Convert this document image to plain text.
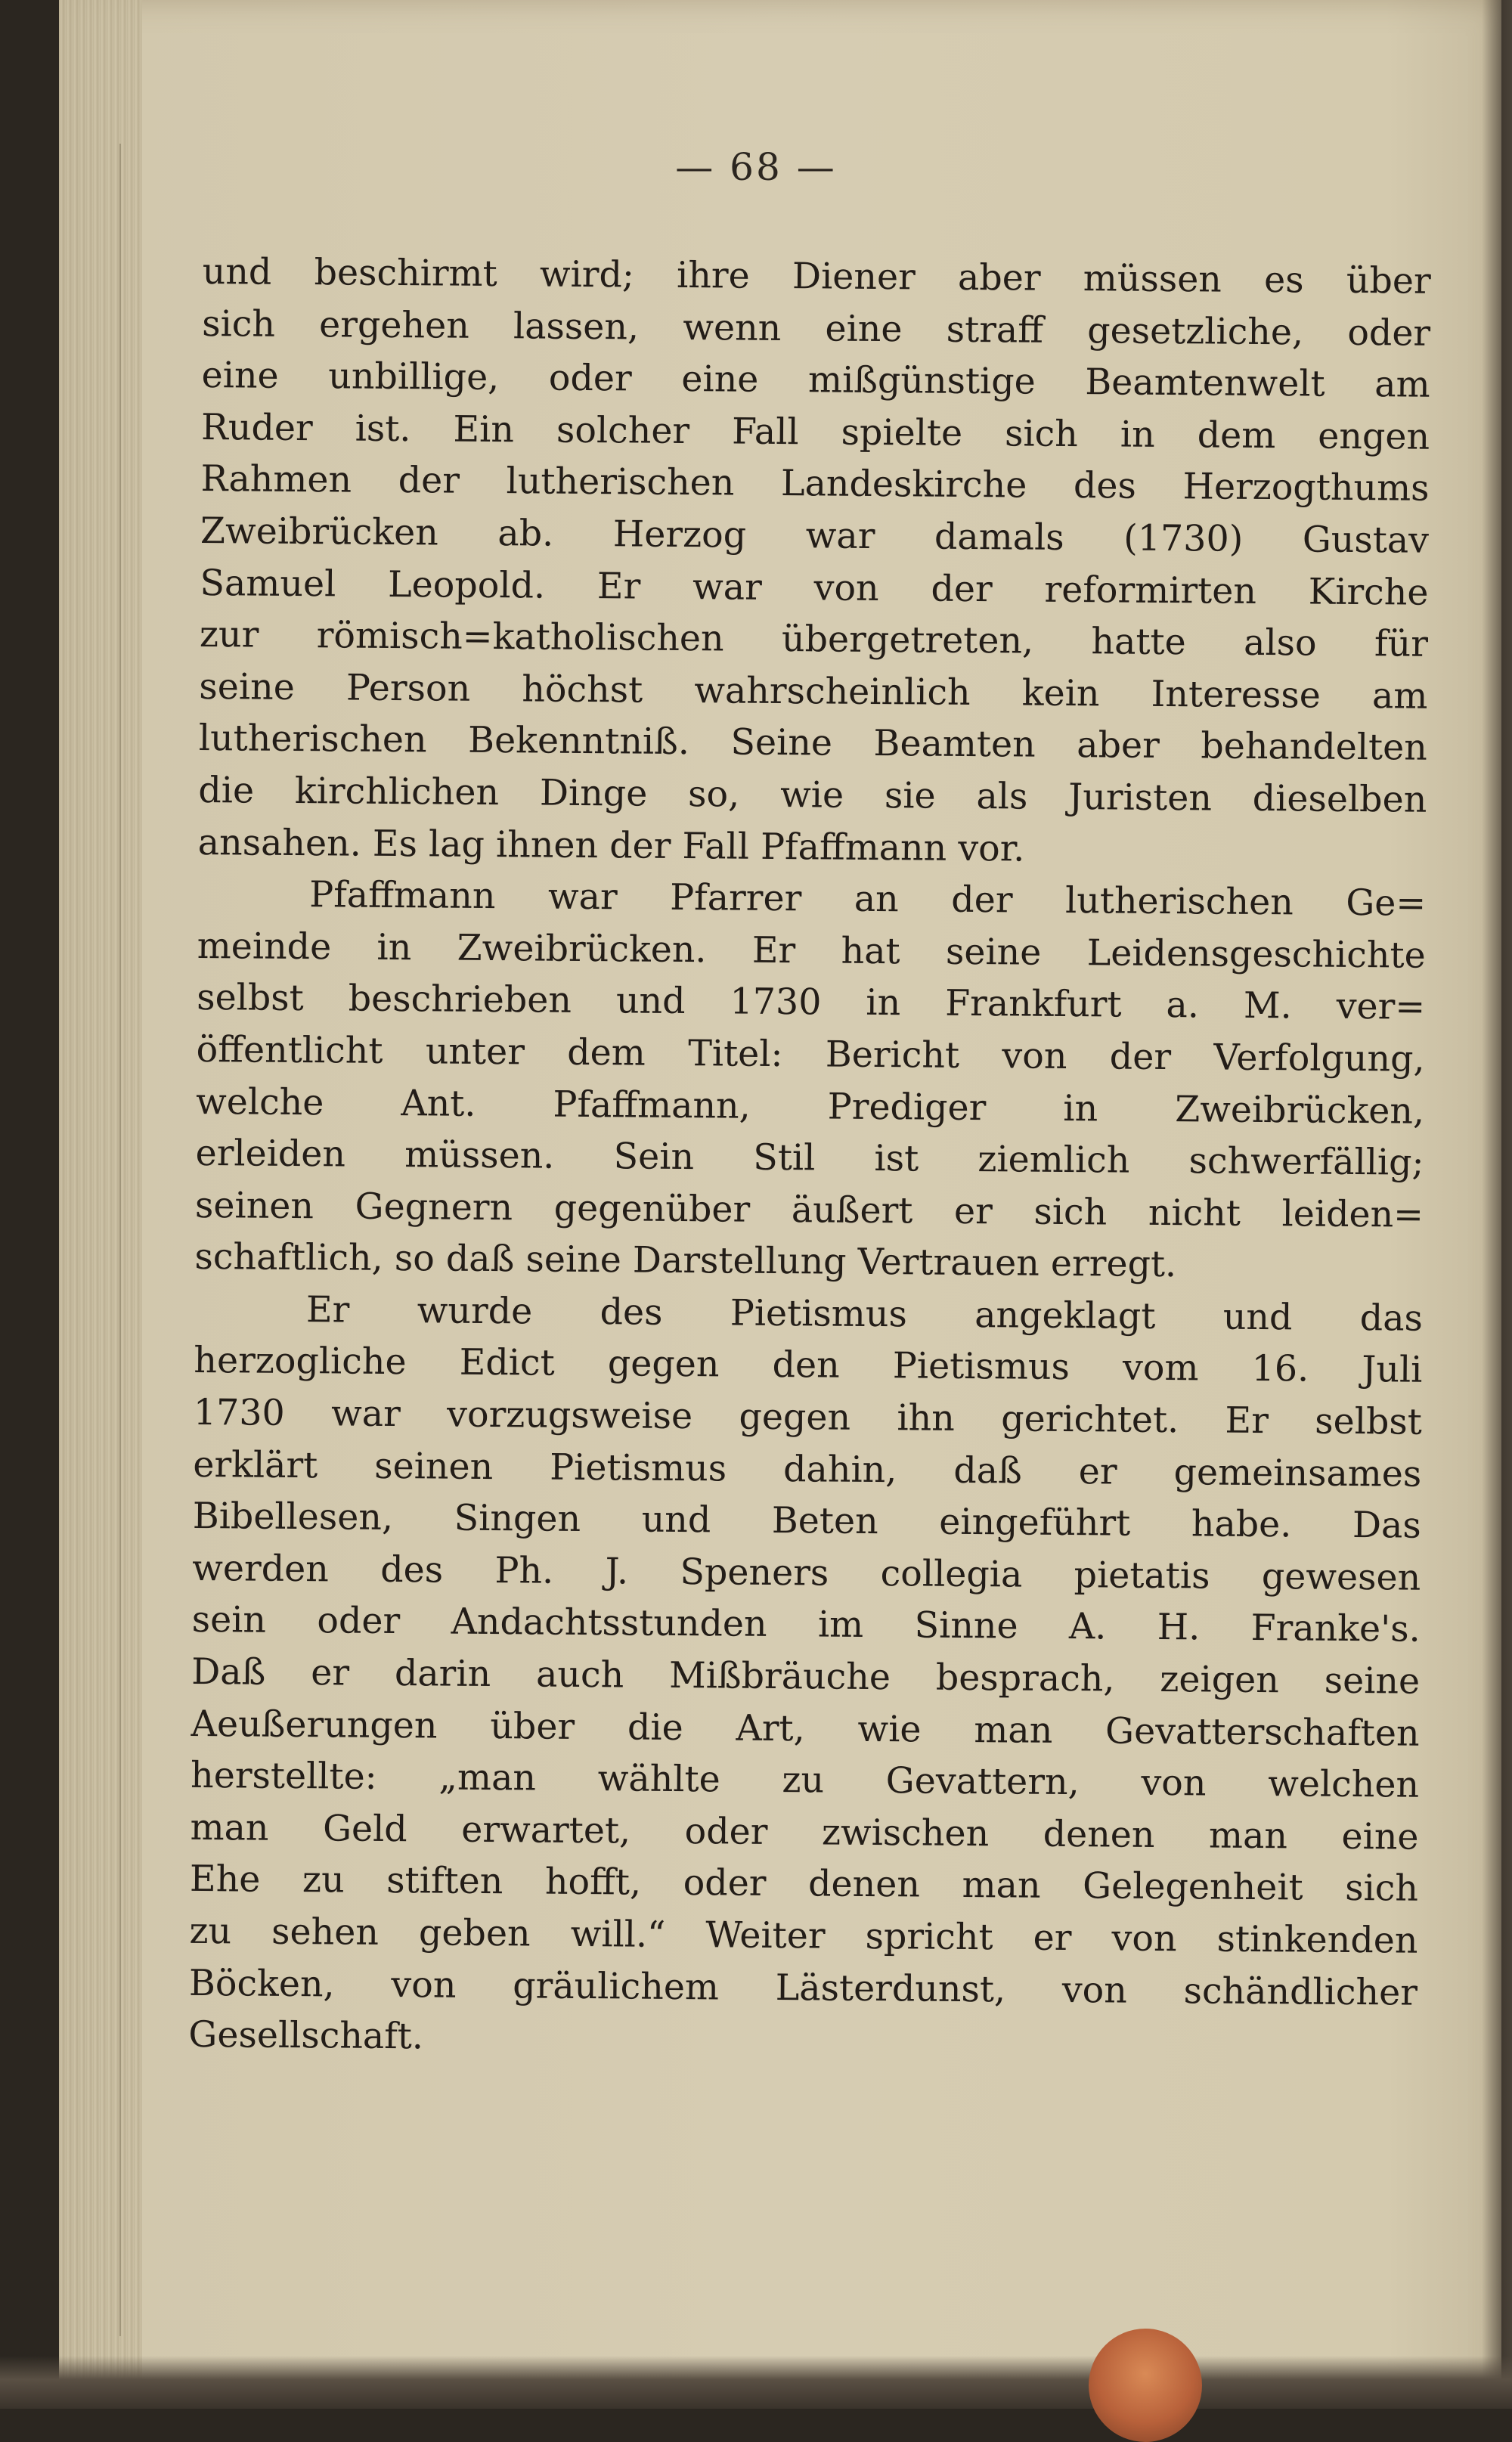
— 68 —
und beschirmt wird; ihre Diener aber müssen es über
sich ergehen lassen, wenn eine straff gesetzliche, oder
eine unbillige, oder eine mißgünstige Beamtenwelt am
Ruder ist. Ein solcher Fall spielte sich in dem engen
Rahmen der lutherischen Landeskirche des Herzogthums
Zweibrücken ab. Herzog war damals (1730) Gustav
Samuel Leopold. Er war von der reformirten Kirche
zur römisch=katholischen übergetreten, hatte also für
seine Person höchst wahrscheinlich kein Interesse am
lutherischen Bekenntniß. Seine Beamten aber behandelten
die kirchlichen Dinge so, wie sie als Juristen dieselben
ansahen. Es lag ihnen der Fall Pfaffmann vor.
Pfaffmann war Pfarrer an der lutherischen Ge=
meinde in Zweibrücken. Er hat seine Leidensgeschichte
selbst beschrieben und 1730 in Frankfurt a. M. ver=
öffentlicht unter dem Titel: Bericht von der Verfolgung,
welche Ant. Pfaffmann, Prediger in Zweibrücken,
erleiden müssen. Sein Stil ist ziemlich schwerfällig;
seinen Gegnern gegenüber äußert er sich nicht leiden=
schaftlich, so daß seine Darstellung Vertrauen erregt.
Er wurde des Pietismus angeklagt und das
herzogliche Edict gegen den Pietismus vom 16. Juli
1730 war vorzugsweise gegen ihn gerichtet. Er selbst
erklärt seinen Pietismus dahin, daß er gemeinsames
Bibellesen, Singen und Beten eingeführt habe. Das
werden des Ph. J. Speners collegia pietatis gewesen
sein oder Andachtsstunden im Sinne A. H. Franke's.
Daß er darin auch Mißbräuche besprach, zeigen seine
Aeußerungen über die Art, wie man Gevatterschaften
herstellte: „man wählte zu Gevattern, von welchen
man Geld erwartet, oder zwischen denen man eine
Ehe zu stiften hofft, oder denen man Gelegenheit sich
zu sehen geben will.“ Weiter spricht er von stinkenden
Böcken, von gräulichem Lästerdunst, von schändlicher
Gesellschaft.
